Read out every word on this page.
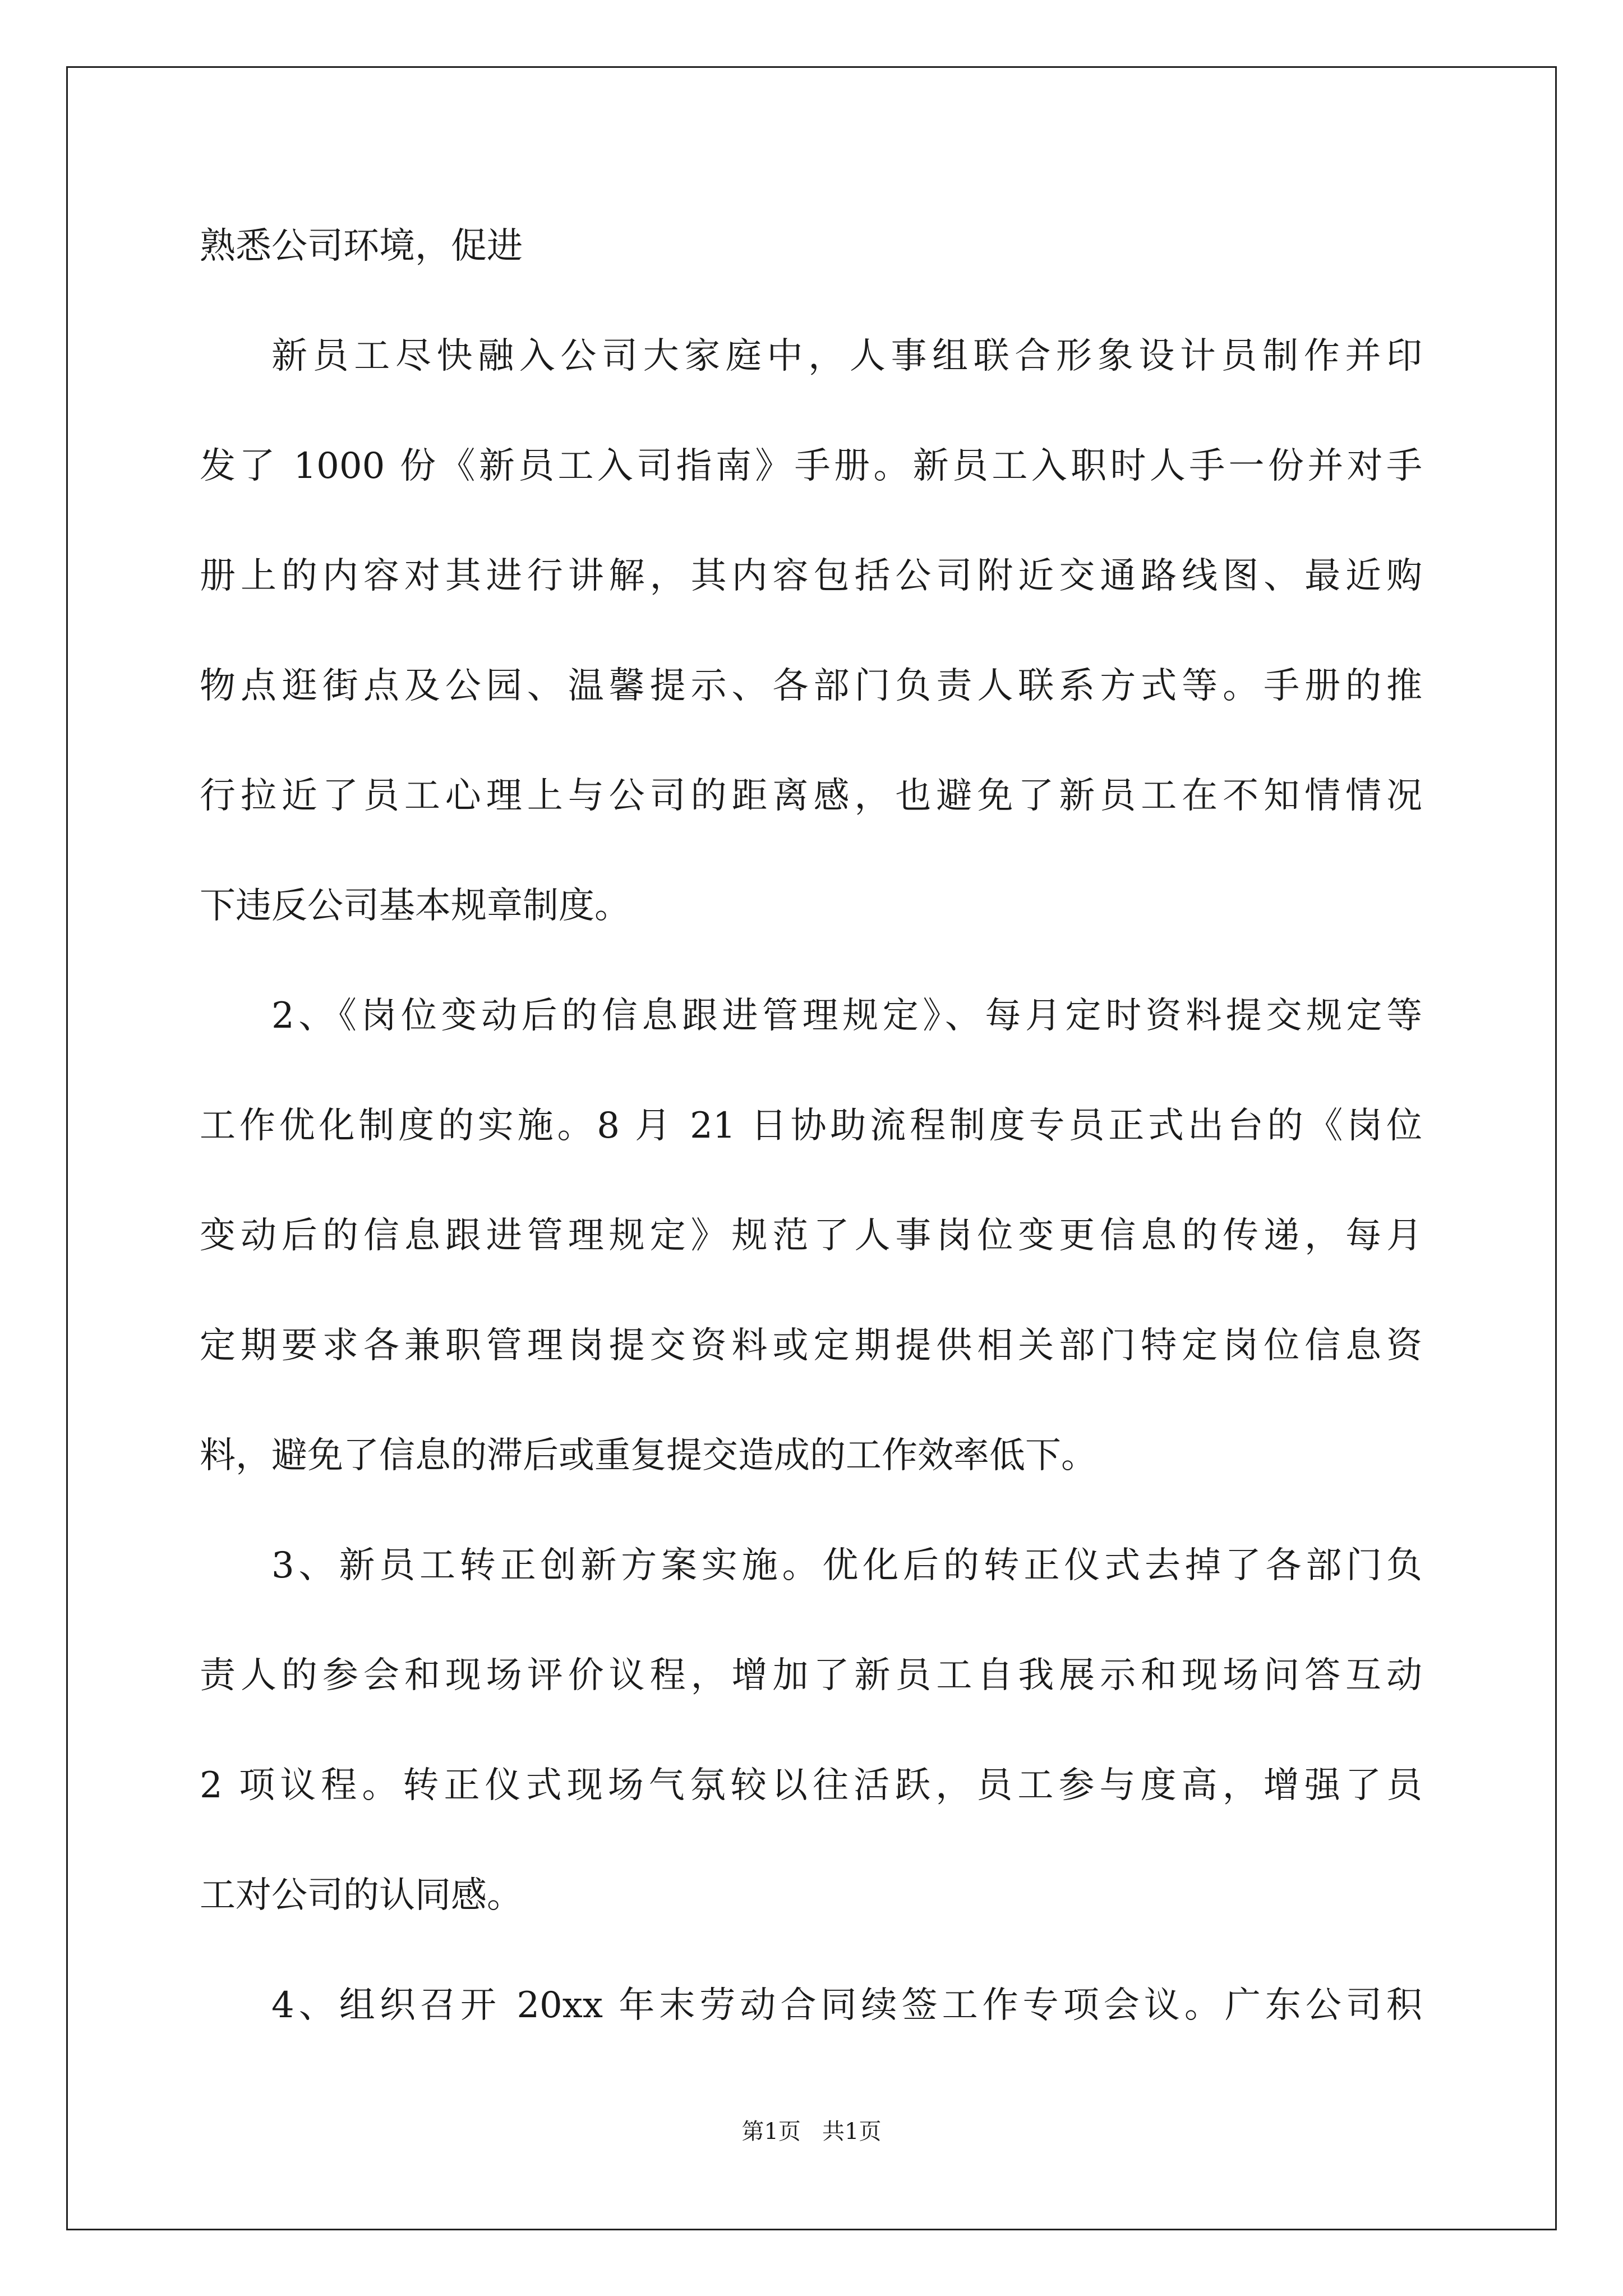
熟悉公司环境，促进
新员工尽快融入公司大家庭中，人事组联合形象设计员制作并印
发了 1000 份《新员工入司指南》手册。新员工入职时人手一份并对手
册上的内容对其进行讲解，其内容包括公司附近交通路线图、最近购
物点逛街点及公园、温馨提示、各部门负责人联系方式等。手册的推
行拉近了员工心理上与公司的距离感，也避免了新员工在不知情情况
下违反公司基本规章制度。
2、《岗位变动后的信息跟进管理规定》、每月定时资料提交规定等
工作优化制度的实施。8 月 21 日协助流程制度专员正式出台的《岗位
变动后的信息跟进管理规定》规范了人事岗位变更信息的传递，每月
定期要求各兼职管理岗提交资料或定期提供相关部门特定岗位信息资
料，避免了信息的滞后或重复提交造成的工作效率低下。
3、新员工转正创新方案实施。优化后的转正仪式去掉了各部门负
责人的参会和现场评价议程，增加了新员工自我展示和现场问答互动
2 项议程。转正仪式现场气氛较以往活跃，员工参与度高，增强了员
工对公司的认同感。
4、组织召开 20xx 年末劳动合同续签工作专项会议。广东公司积
第1页   共1页
